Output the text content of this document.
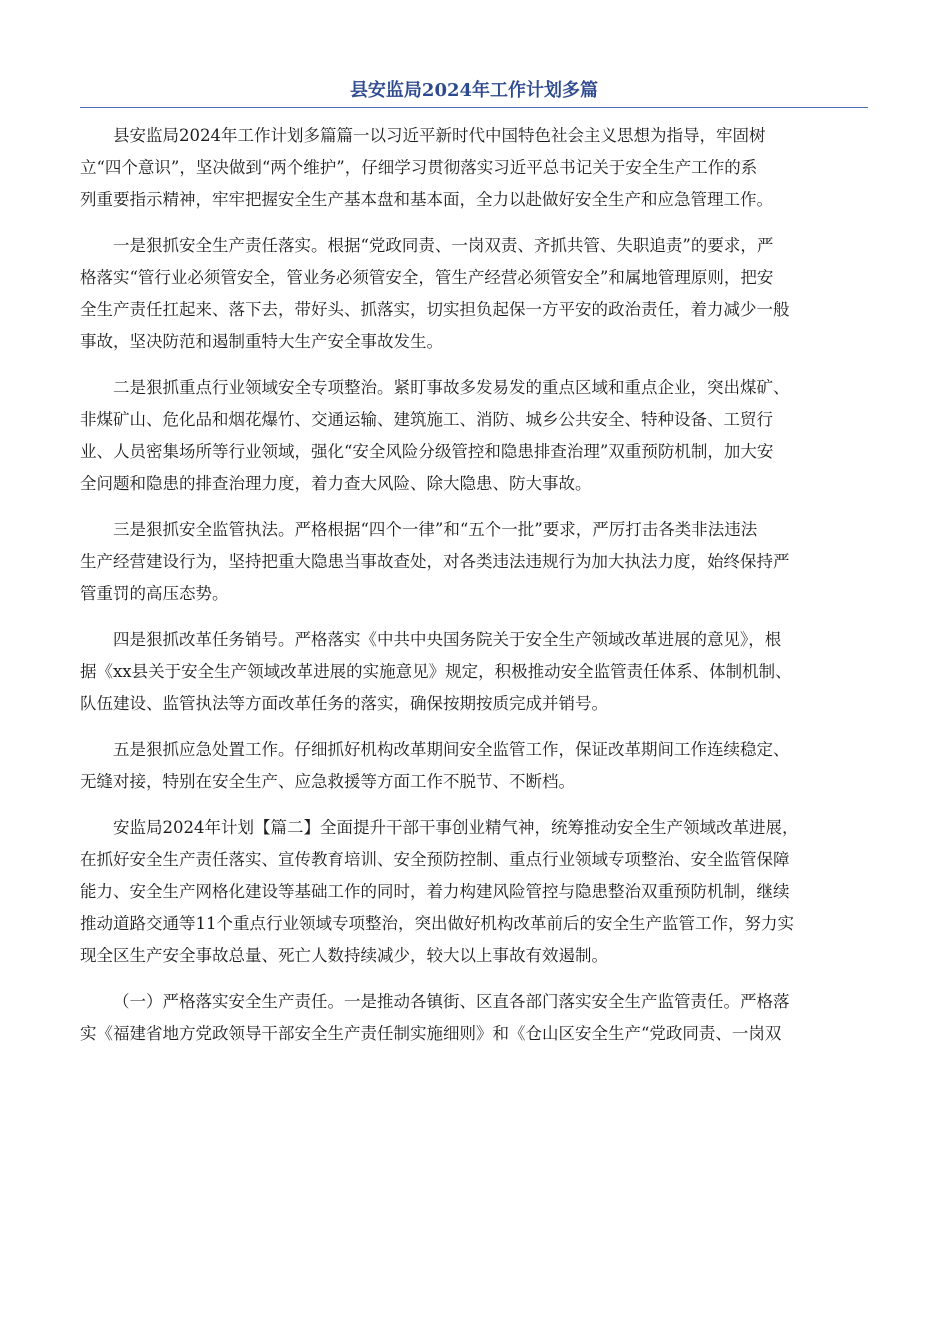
县安监局2024年工作计划多篇
县安监局2024年工作计划多篇篇一以习近平新时代中国特色社会主义思想为指导，牢固树
立“四个意识”，坚决做到“两个维护”，仔细学习贯彻落实习近平总书记关于安全生产工作的系
列重要指示精神，牢牢把握安全生产基本盘和基本面，全力以赴做好安全生产和应急管理工作。
一是狠抓安全生产责任落实。根据“党政同责、一岗双责、齐抓共管、失职追责”的要求，严
格落实“管行业必须管安全，管业务必须管安全，管生产经营必须管安全”和属地管理原则，把安
全生产责任扛起来、落下去，带好头、抓落实，切实担负起保一方平安的政治责任，着力减少一般
事故，坚决防范和遏制重特大生产安全事故发生。
二是狠抓重点行业领域安全专项整治。紧盯事故多发易发的重点区域和重点企业，突出煤矿、
非煤矿山、危化品和烟花爆竹、交通运输、建筑施工、消防、城乡公共安全、特种设备、工贸行
业、人员密集场所等行业领域，强化“安全风险分级管控和隐患排查治理”双重预防机制，加大安
全问题和隐患的排查治理力度，着力查大风险、除大隐患、防大事故。
三是狠抓安全监管执法。严格根据“四个一律”和“五个一批”要求，严厉打击各类非法违法
生产经营建设行为，坚持把重大隐患当事故查处，对各类违法违规行为加大执法力度，始终保持严
管重罚的高压态势。
四是狠抓改革任务销号。严格落实《中共中央国务院关于安全生产领域改革进展的意见》，根
据《xx县关于安全生产领域改革进展的实施意见》规定，积极推动安全监管责任体系、体制机制、
队伍建设、监管执法等方面改革任务的落实，确保按期按质完成并销号。
五是狠抓应急处置工作。仔细抓好机构改革期间安全监管工作，保证改革期间工作连续稳定、
无缝对接，特别在安全生产、应急救援等方面工作不脱节、不断档。
安监局2024年计划【篇二】全面提升干部干事创业精气神，统筹推动安全生产领域改革进展，
在抓好安全生产责任落实、宣传教育培训、安全预防控制、重点行业领域专项整治、安全监管保障
能力、安全生产网格化建设等基础工作的同时，着力构建风险管控与隐患整治双重预防机制，继续
推动道路交通等11个重点行业领域专项整治，突出做好机构改革前后的安全生产监管工作，努力实
现全区生产安全事故总量、死亡人数持续减少，较大以上事故有效遏制。
（一）严格落实安全生产责任。一是推动各镇街、区直各部门落实安全生产监管责任。严格落
实《福建省地方党政领导干部安全生产责任制实施细则》和《仓山区安全生产“党政同责、一岗双
